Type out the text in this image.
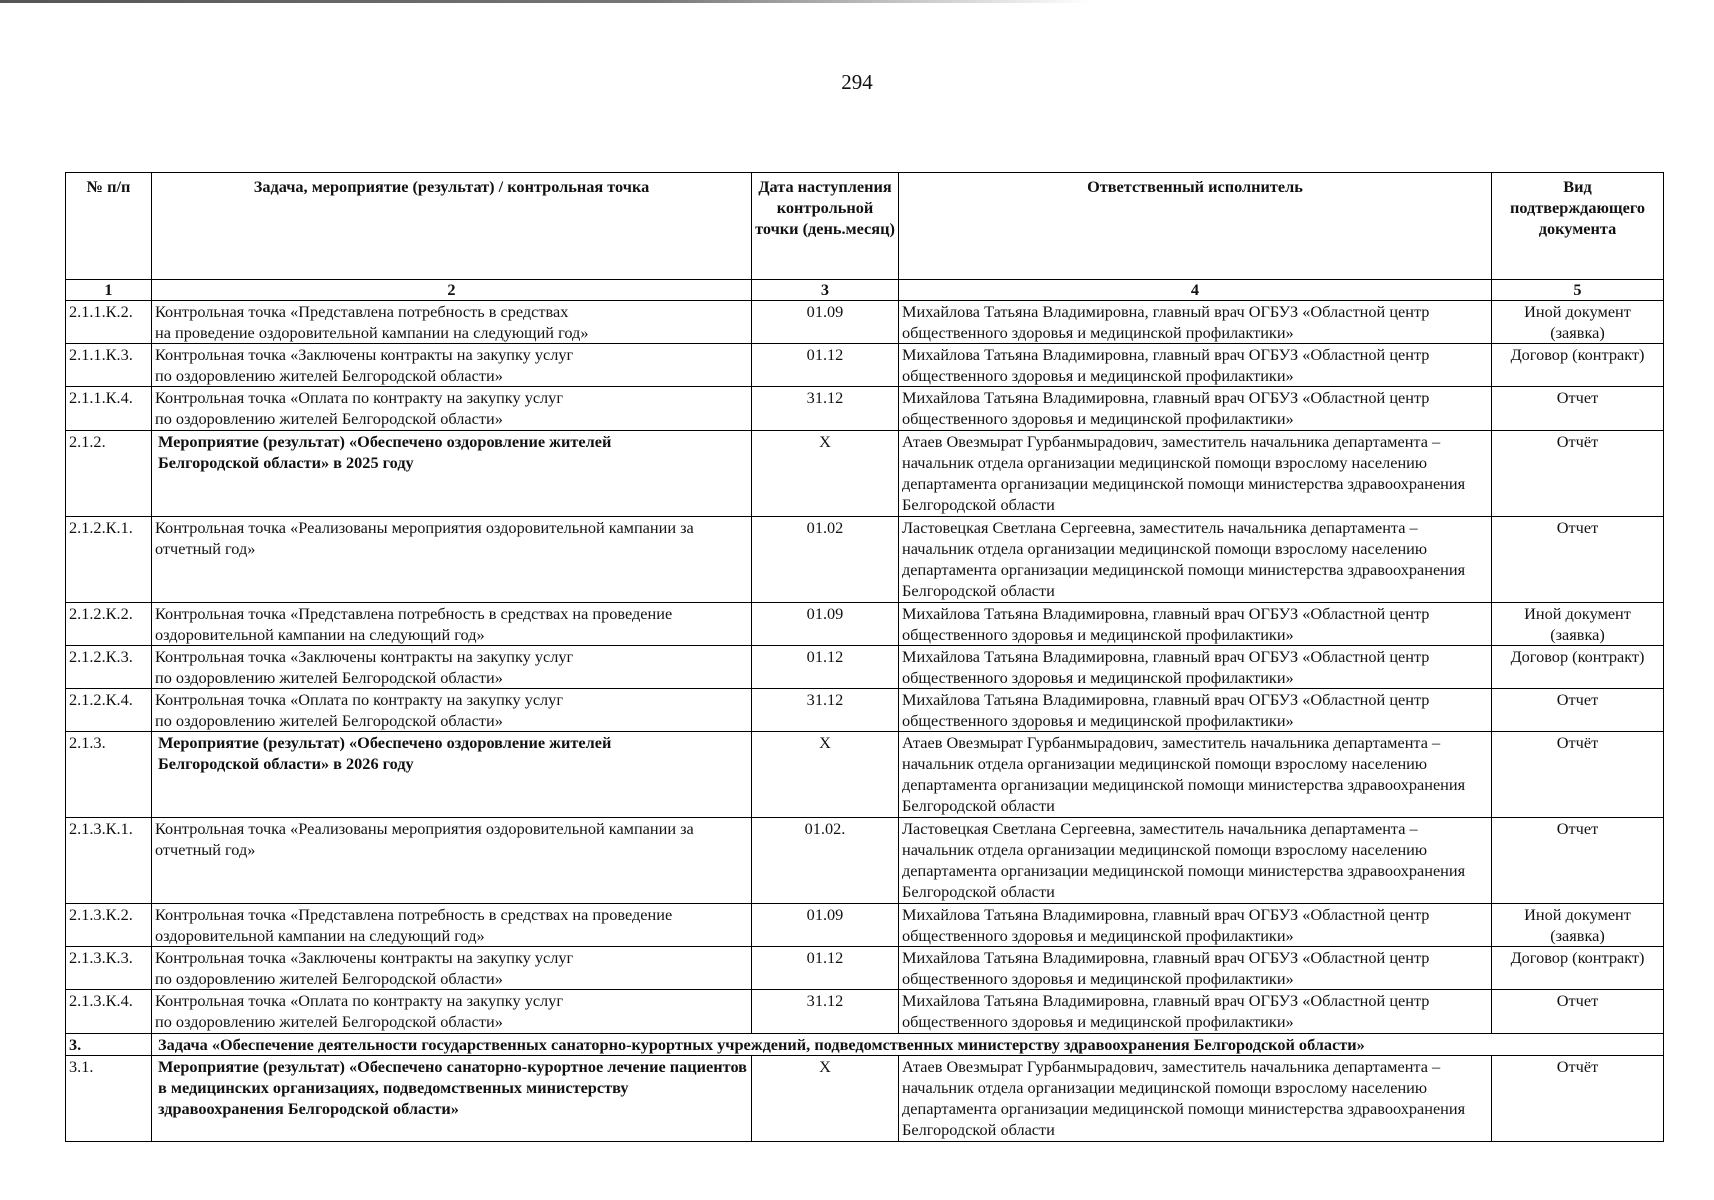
294
№ п/п	Задача, мероприятие (результат) / контрольная точка	Дата наступления контрольной точки (день.месяц)	Ответственный исполнитель	Вид подтверждающего документа
1	2	3	4	5
2.1.1.К.2.	Контрольная точка «Представлена потребность в средствах
на проведение оздоровительной кампании на следующий год»	01.09	Михайлова Татьяна Владимировна, главный врач ОГБУЗ «Областной центр общественного здоровья и медицинской профилактики»	Иной документ (заявка)
2.1.1.К.3.	Контрольная точка «Заключены контракты на закупку услуг
по оздоровлению жителей Белгородской области»	01.12	Михайлова Татьяна Владимировна, главный врач ОГБУЗ «Областной центр общественного здоровья и медицинской профилактики»	Договор (контракт)
2.1.1.К.4.	Контрольная точка «Оплата по контракту на закупку услуг
по оздоровлению жителей Белгородской области»	31.12	Михайлова Татьяна Владимировна, главный врач ОГБУЗ «Областной центр общественного здоровья и медицинской профилактики»	Отчет
2.1.2.	Мероприятие (результат) «Обеспечено оздоровление жителей
Белгородской области» в 2025 году	Х	Атаев Овезмырат Гурбанмырадович, заместитель начальника департамента – начальник отдела организации медицинской помощи взрослому населению департамента организации медицинской помощи министерства здравоохранения Белгородской области	Отчёт
2.1.2.К.1.	Контрольная точка «Реализованы мероприятия оздоровительной кампании за отчетный год»	01.02	Ластовецкая Светлана Сергеевна, заместитель начальника департамента – начальник отдела организации медицинской помощи взрослому населению департамента организации медицинской помощи министерства здравоохранения Белгородской области	Отчет
2.1.2.К.2.	Контрольная точка «Представлена потребность в средствах на проведение оздоровительной кампании на следующий год»	01.09	Михайлова Татьяна Владимировна, главный врач ОГБУЗ «Областной центр общественного здоровья и медицинской профилактики»	Иной документ (заявка)
2.1.2.К.3.	Контрольная точка «Заключены контракты на закупку услуг
по оздоровлению жителей Белгородской области»	01.12	Михайлова Татьяна Владимировна, главный врач ОГБУЗ «Областной центр общественного здоровья и медицинской профилактики»	Договор (контракт)
2.1.2.К.4.	Контрольная точка «Оплата по контракту на закупку услуг
по оздоровлению жителей Белгородской области»	31.12	Михайлова Татьяна Владимировна, главный врач ОГБУЗ «Областной центр общественного здоровья и медицинской профилактики»	Отчет
2.1.3.	Мероприятие (результат) «Обеспечено оздоровление жителей
Белгородской области» в 2026 году	Х	Атаев Овезмырат Гурбанмырадович, заместитель начальника департамента – начальник отдела организации медицинской помощи взрослому населению департамента организации медицинской помощи министерства здравоохранения Белгородской области	Отчёт
2.1.3.К.1.	Контрольная точка «Реализованы мероприятия оздоровительной кампании за отчетный год»	01.02.	Ластовецкая Светлана Сергеевна, заместитель начальника департамента – начальник отдела организации медицинской помощи взрослому населению департамента организации медицинской помощи министерства здравоохранения Белгородской области	Отчет
2.1.3.К.2.	Контрольная точка «Представлена потребность в средствах на проведение оздоровительной кампании на следующий год»	01.09	Михайлова Татьяна Владимировна, главный врач ОГБУЗ «Областной центр общественного здоровья и медицинской профилактики»	Иной документ (заявка)
2.1.3.К.3.	Контрольная точка «Заключены контракты на закупку услуг
по оздоровлению жителей Белгородской области»	01.12	Михайлова Татьяна Владимировна, главный врач ОГБУЗ «Областной центр общественного здоровья и медицинской профилактики»	Договор (контракт)
2.1.3.К.4.	Контрольная точка «Оплата по контракту на закупку услуг
по оздоровлению жителей Белгородской области»	31.12	Михайлова Татьяна Владимировна, главный врач ОГБУЗ «Областной центр общественного здоровья и медицинской профилактики»	Отчет
3.	Задача «Обеспечение деятельности государственных санаторно-курортных учреждений, подведомственных министерству здравоохранения Белгородской области»			
3.1.	Мероприятие (результат) «Обеспечено санаторно-курортное лечение пациентов в медицинских организациях, подведомственных министерству здравоохранения Белгородской области»	Х	Атаев Овезмырат Гурбанмырадович, заместитель начальника департамента – начальник отдела организации медицинской помощи взрослому населению департамента организации медицинской помощи министерства здравоохранения Белгородской области	Отчёт
